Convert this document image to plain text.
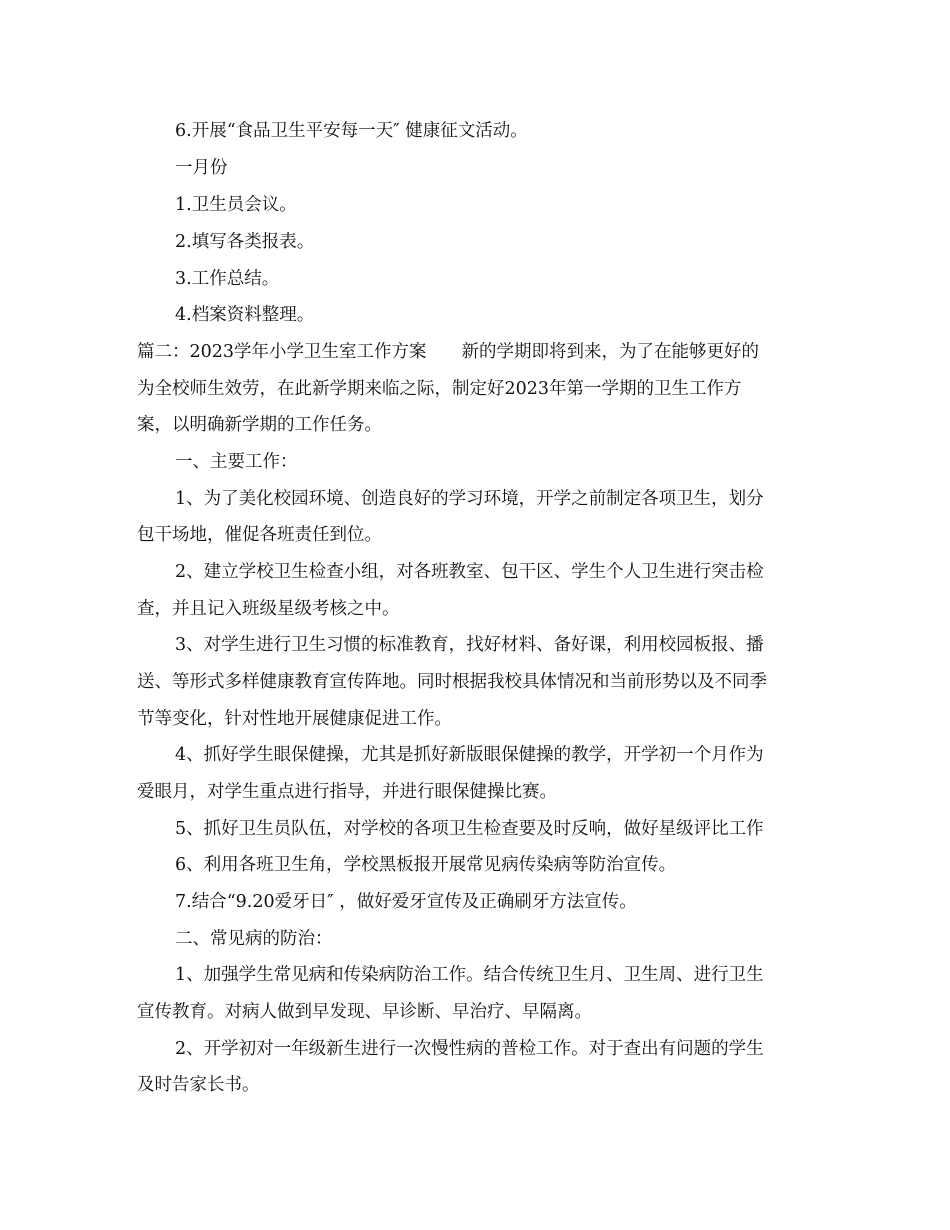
6.开展“食品卫生平安每一天″ 健康征文活动。
一月份
1.卫生员会议。
2.填写各类报表。
3.工作总结。
4.档案资料整理。
篇二：2023学年小学卫生室工作方案　　新的学期即将到来，为了在能够更好的
为全校师生效劳，在此新学期来临之际，制定好2023年第一学期的卫生工作方
案，以明确新学期的工作任务。
一、主要工作：
1、为了美化校园环境、创造良好的学习环境，开学之前制定各项卫生，划分
包干场地，催促各班责任到位。
2、建立学校卫生检查小组，对各班教室、包干区、学生个人卫生进行突击检
查，并且记入班级星级考核之中。
3、对学生进行卫生习惯的标准教育，找好材料、备好课，利用校园板报、播
送、等形式多样健康教育宣传阵地。同时根据我校具体情况和当前形势以及不同季
节等变化，针对性地开展健康促进工作。
4、抓好学生眼保健操，尤其是抓好新版眼保健操的教学，开学初一个月作为
爱眼月，对学生重点进行指导，并进行眼保健操比赛。
5、抓好卫生员队伍，对学校的各项卫生检查要及时反响，做好星级评比工作
6、利用各班卫生角，学校黑板报开展常见病传染病等防治宣传。
7.结合“9.20爱牙日″ ，做好爱牙宣传及正确刷牙方法宣传。
二、常见病的防治：
1、加强学生常见病和传染病防治工作。结合传统卫生月、卫生周、进行卫生
宣传教育。对病人做到早发现、早诊断、早治疗、早隔离。
2、开学初对一年级新生进行一次慢性病的普检工作。对于查出有问题的学生
及时告家长书。
